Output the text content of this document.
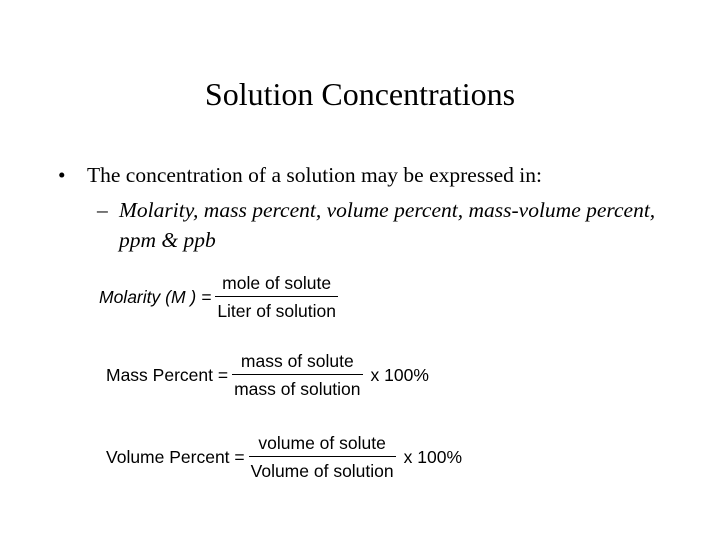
Solution Concentrations
• The concentration of a solution may be expressed in:
– Molarity, mass percent, volume percent, mass-volume percent, ppm & ppb
Molarity (M ) = $\frac{\text{mole of solute}}{\text{Liter of solution}}$
Mass Percent = $\frac{\text{mass of solute}}{\text{mass of solution}}$ x 100%
Volume Percent = $\frac{\text{volume of solute}}{\text{Volume of solution}}$ x 100%
